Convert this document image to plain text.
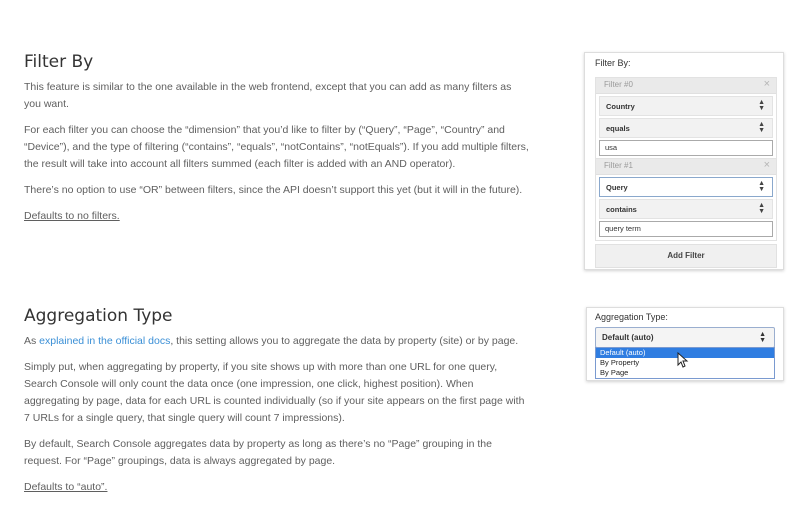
Filter By

This feature is similar to the one available in the web frontend, except that you can add as many filters as you want.

For each filter you can choose the “dimension” that you’d like to filter by (“Query”, “Page”, “Country” and “Device”), and the type of filtering (“contains”, “equals”, “notContains”, “notEquals”). If you add multiple filters, the result will take into account all filters summed (each filter is added with an AND operator).

There’s no option to use “OR” between filters, since the API doesn’t support this yet (but it will in the future).

Defaults to no filters.

Filter By:
Filter #0	×
Country	▲
▼
equals	▲
▼
usa
Filter #1	×
Query	▲
▼
contains	▲
▼
query term
Add Filter
Aggregation Type

As explained in the official docs, this setting allows you to aggregate the data by property (site) or by page.

Simply put, when aggregating by property, if you site shows up with more than one URL for one query, Search Console will only count the data once (one impression, one click, highest position). When aggregating by page, data for each URL is counted individually (so if your site appears on the first page with 7 URLs for a single query, that single query will count 7 impressions).

By default, Search Console aggregates data by property as long as there’s no “Page” grouping in the request. For “Page” groupings, data is always aggregated by page.

Defaults to “auto”.

Aggregation Type:
Default (auto)	▲
▼
Default (auto)
By Property
By Page
